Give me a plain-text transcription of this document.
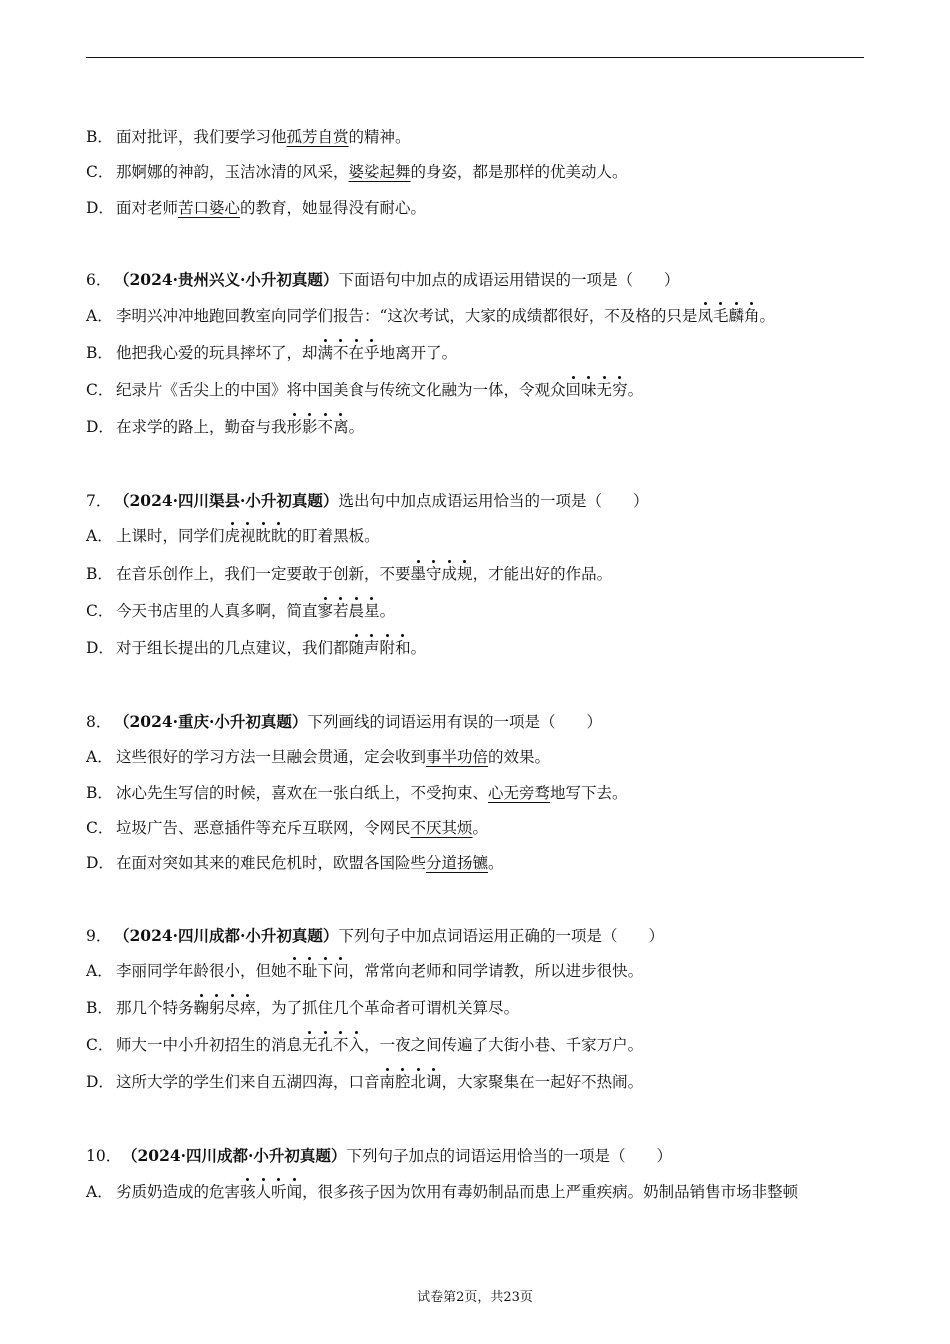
B． 面对批评，我们要学习他孤芳自赏的精神。
C． 那婀娜的神韵，玉洁冰清的风采，婆娑起舞的身姿，都是那样的优美动人。
D． 面对老师苦口婆心的教育，她显得没有耐心。
6． （2024·贵州兴义·小升初真题）下面语句中加点的成语运用错误的一项是（　　）
A． 李明兴冲冲地跑回教室向同学们报告：“这次考试，大家的成绩都很好，不及格的只是凤毛麟角。
B． 他把我心爱的玩具摔坏了，却满不在乎地离开了。
C． 纪录片《舌尖上的中国》将中国美食与传统文化融为一体，令观众回味无穷。
D． 在求学的路上，勤奋与我形影不离。
7． （2024·四川渠县·小升初真题）选出句中加点成语运用恰当的一项是（　　）
A． 上课时，同学们虎视眈眈的盯着黑板。
B． 在音乐创作上，我们一定要敢于创新，不要墨守成规，才能出好的作品。
C． 今天书店里的人真多啊，简直寥若晨星。
D． 对于组长提出的几点建议，我们都随声附和。
8． （2024·重庆·小升初真题）下列画线的词语运用有误的一项是（　　）
A． 这些很好的学习方法一旦融会贯通，定会收到事半功倍的效果。
B． 冰心先生写信的时候，喜欢在一张白纸上，不受拘束、心无旁骛地写下去。
C． 垃圾广告、恶意插件等充斥互联网，令网民不厌其烦。
D． 在面对突如其来的难民危机时，欧盟各国险些分道扬镳。
9． （2024·四川成都·小升初真题）下列句子中加点词语运用正确的一项是（　　）
A． 李丽同学年龄很小，但她不耻下问，常常向老师和同学请教，所以进步很快。
B． 那几个特务鞠躬尽瘁，为了抓住几个革命者可谓机关算尽。
C． 师大一中小升初招生的消息无孔不入，一夜之间传遍了大街小巷、千家万户。
D． 这所大学的学生们来自五湖四海，口音南腔北调，大家聚集在一起好不热闹。
10．（2024·四川成都·小升初真题）下列句子加点的词语运用恰当的一项是（　　）
A． 劣质奶造成的危害骇人听闻，很多孩子因为饮用有毒奶制品而患上严重疾病。奶制品销售市场非整顿
试卷第2页，共23页
